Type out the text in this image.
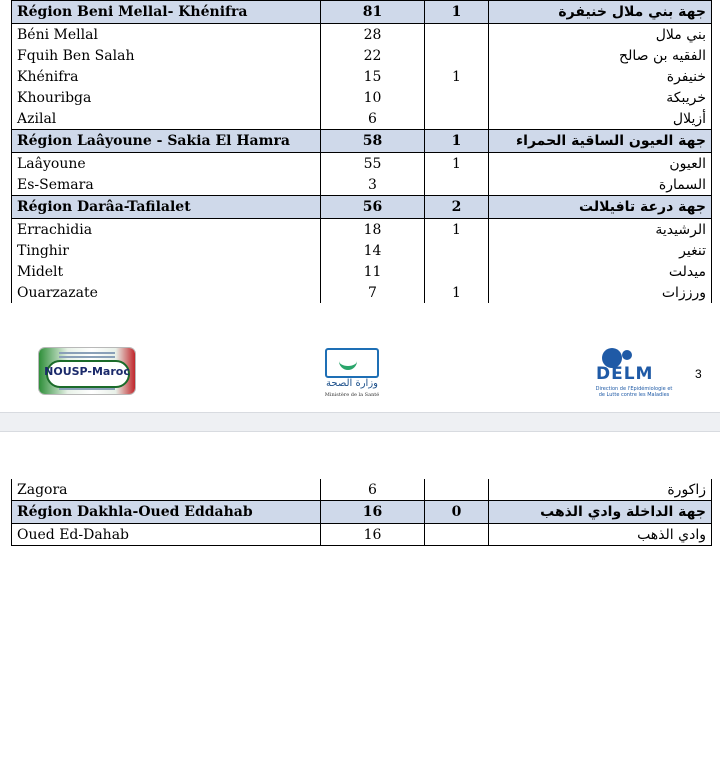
Région Beni Mellal- Khénifra	81	1	جهة بني ملال خنيفرة
Béni Mellal	28		بني ملال
Fquih Ben Salah	22		الفقيه بن صالح
Khénifra	15	1	خنيفرة
Khouribga	10		خريبكة
Azilal	6		أزيلال
Région Laâyoune - Sakia El Hamra	58	1	جهة العيون الساقية الحمراء
Laâyoune	55	1	العيون
Es-Semara	3		السمارة
Région Darâa-Tafilalet	56	2	جهة درعة تافيلالت
Errachidia	18	1	الرشيدية
Tinghir	14		تنغير
Midelt	11		ميدلت
Ouarzazate	7	1	ورززات
NOUSP-Maroc
وزارة الصحة
Ministère de la Santé
DELM
Direction de l'Epidémiologie et de Lutte contre les Maladies
3
Zagora	6		زاكورة
Région Dakhla-Oued Eddahab	16	0	جهة الداخلة وادي الذهب
Oued Ed-Dahab	16		وادي الذهب
